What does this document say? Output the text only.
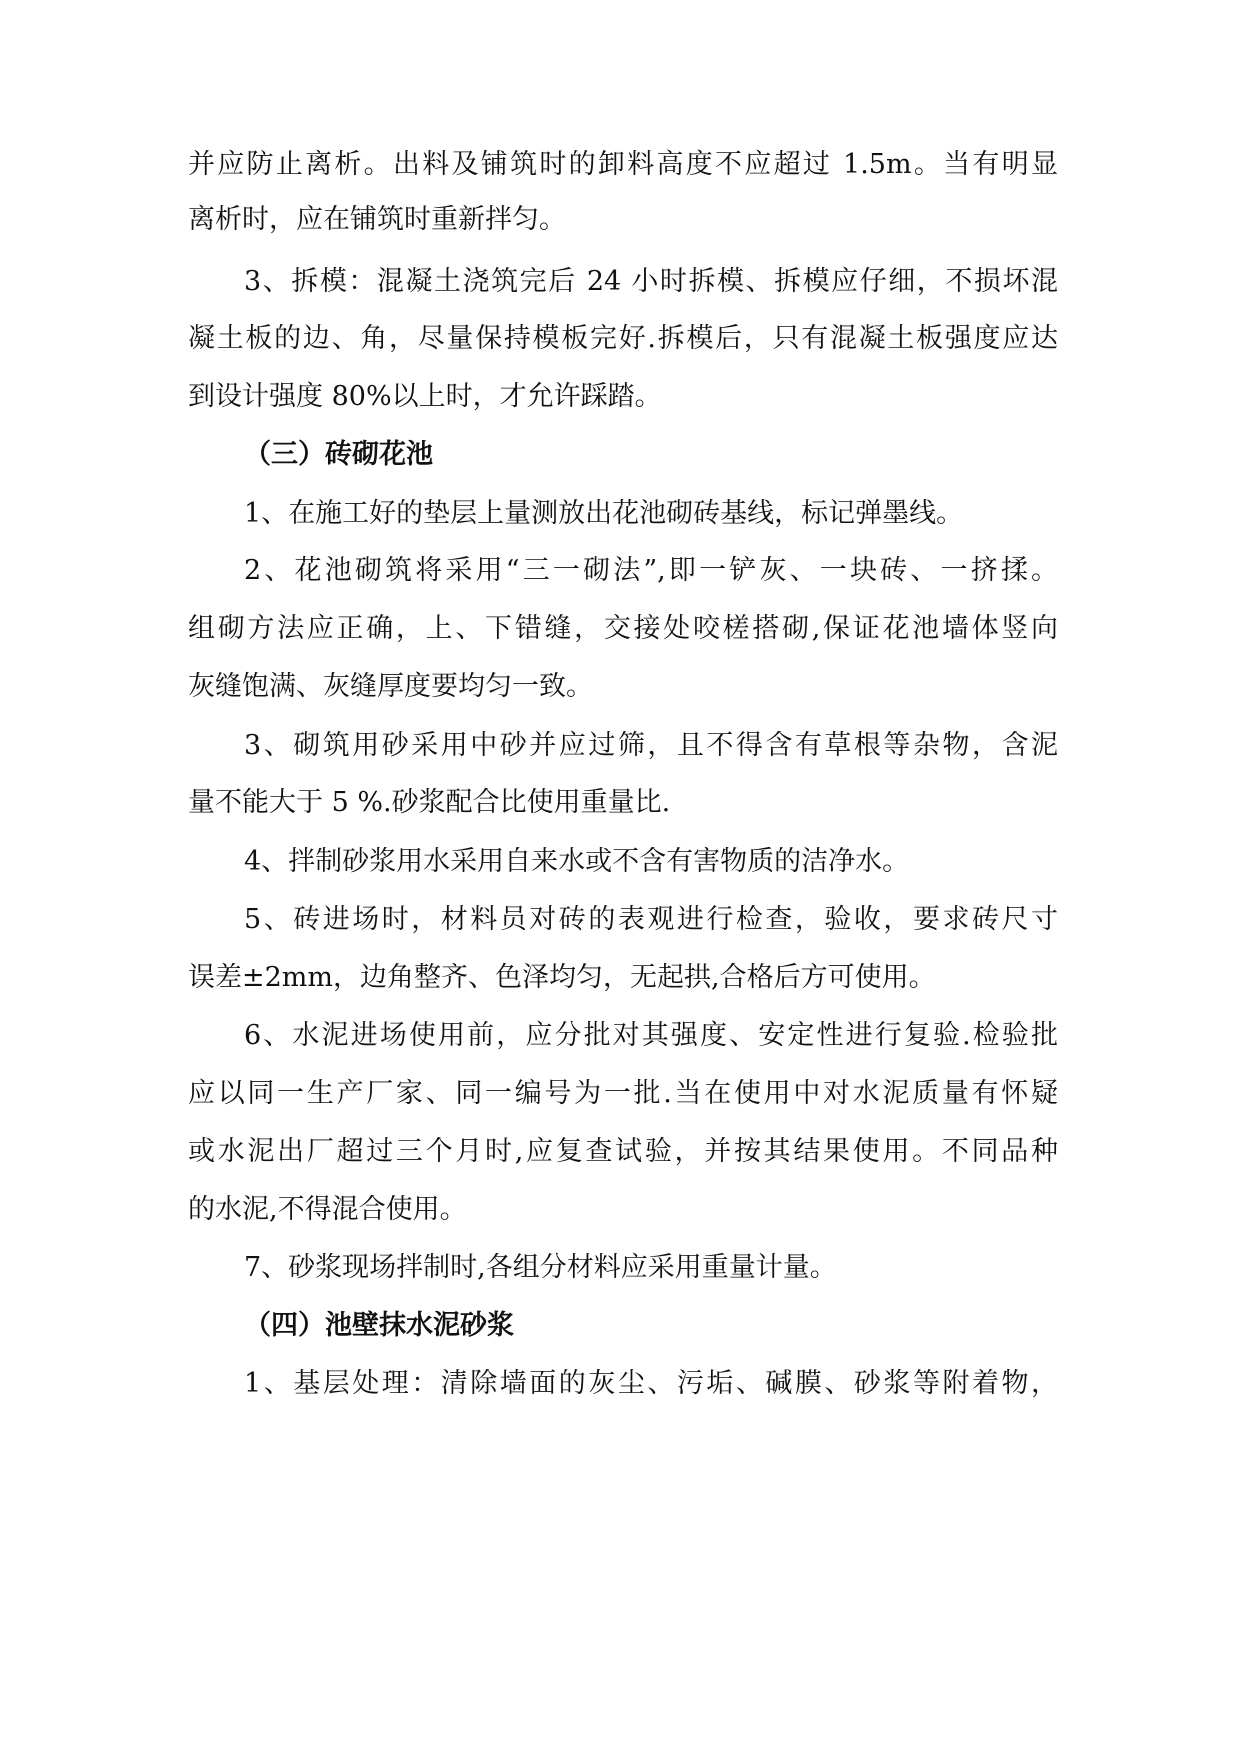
并应防止离析。出料及铺筑时的卸料高度不应超过 1.5m。当有明显
离析时，应在铺筑时重新拌匀。
3、拆模：混凝土浇筑完后 24 小时拆模、拆模应仔细，不损坏混
凝土板的边、角，尽量保持模板完好.拆模后，只有混凝土板强度应达
到设计强度 80%以上时，才允许踩踏。
（三）砖砌花池
1、在施工好的垫层上量测放出花池砌砖基线，标记弹墨线。
2、花池砌筑将采用“三一砌法”,即一铲灰、一块砖、一挤揉。
组砌方法应正确，上、下错缝，交接处咬槎搭砌,保证花池墙体竖向
灰缝饱满、灰缝厚度要均匀一致。
3、砌筑用砂采用中砂并应过筛，且不得含有草根等杂物，含泥
量不能大于 5 %.砂浆配合比使用重量比.
4、拌制砂浆用水采用自来水或不含有害物质的洁净水。
5、砖进场时，材料员对砖的表观进行检查，验收，要求砖尺寸
误差±2mm，边角整齐、色泽均匀，无起拱,合格后方可使用。
6、水泥进场使用前，应分批对其强度、安定性进行复验.检验批
应以同一生产厂家、同一编号为一批.当在使用中对水泥质量有怀疑
或水泥出厂超过三个月时,应复查试验，并按其结果使用。不同品种
的水泥,不得混合使用。
7、砂浆现场拌制时,各组分材料应采用重量计量。
（四）池壁抹水泥砂浆
1、基层处理：清除墙面的灰尘、污垢、碱膜、砂浆等附着物，
